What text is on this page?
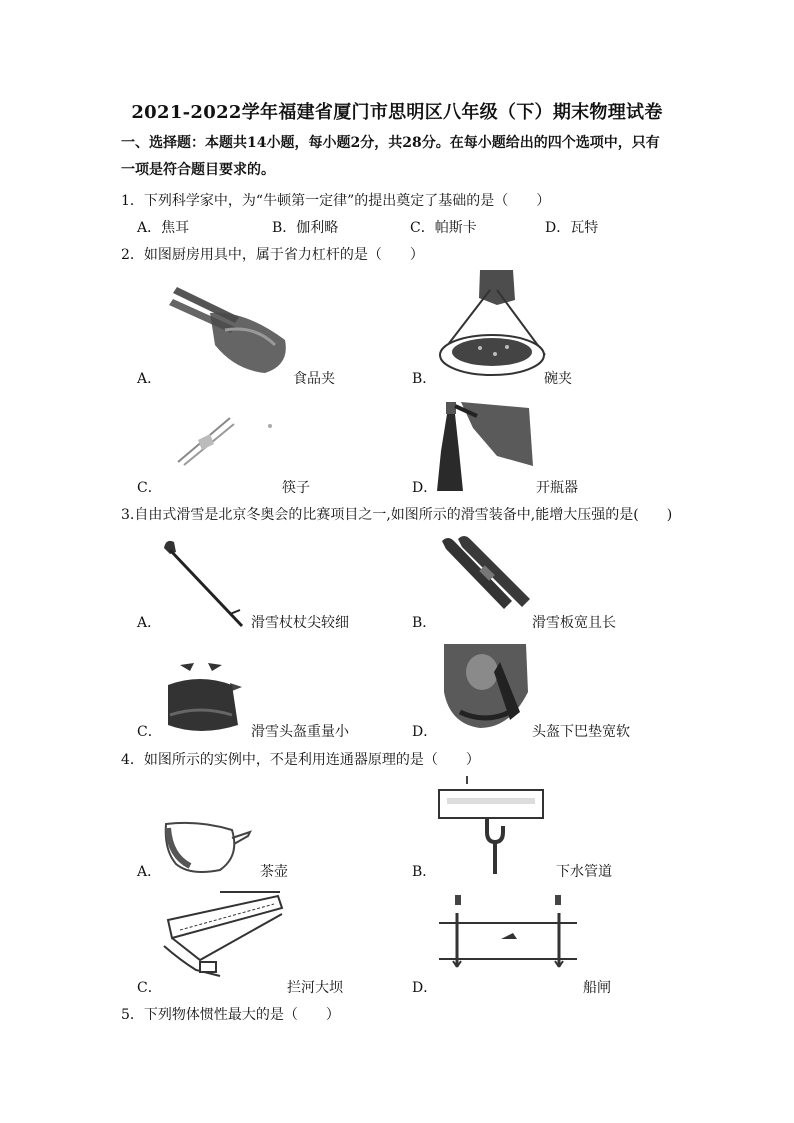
2021-2022学年福建省厦门市思明区八年级（下）期末物理试卷
一、选择题：本题共14小题，每小题2分，共28分。在每小题给出的四个选项中，只有
一项是符合题目要求的。
1．下列科学家中，为“牛顿第一定律”的提出奠定了基础的是（　　）
A．焦耳	B．伽利略	C．帕斯卡	D．瓦特
2．如图厨房用具中，属于省力杠杆的是（　　）
A．	食品夹	B．	碗夹
C．	筷子	D．	开瓶器
3.自由式滑雪是北京冬奥会的比赛项目之一,如图所示的滑雪装备中,能增大压强的是(　　)
A．	滑雪杖杖尖较细	B．	滑雪板宽且长
C．	滑雪头盔重量小	D．	头盔下巴垫宽软
4．如图所示的实例中，不是利用连通器原理的是（　　）
A．	茶壶	B．	下水管道
C．	拦河大坝	D．	船闸
5．下列物体惯性最大的是（　　）
